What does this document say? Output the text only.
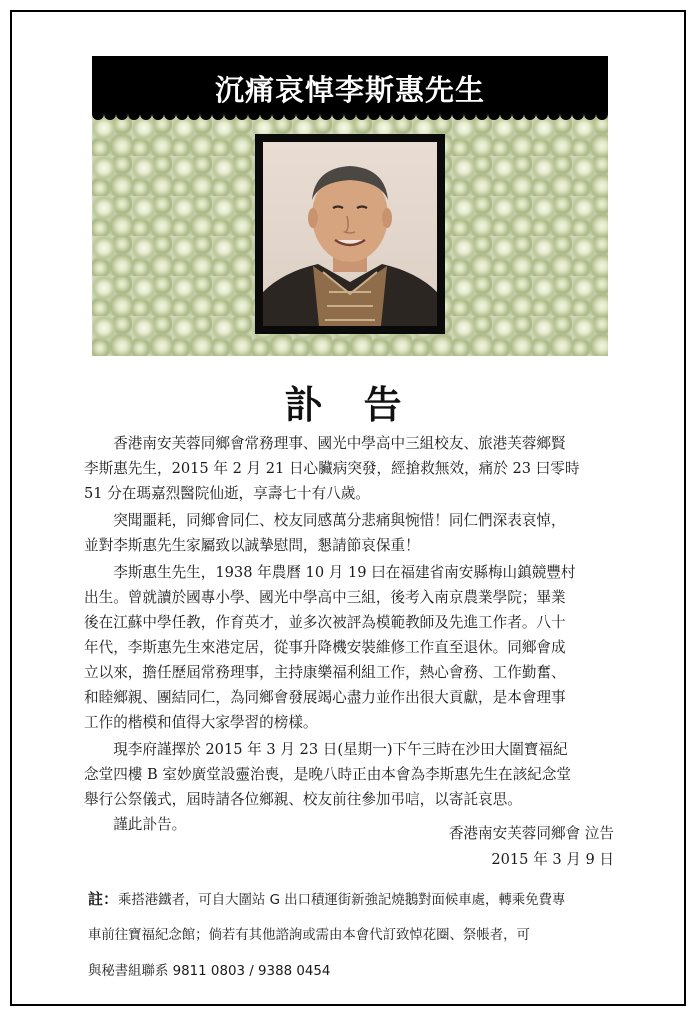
沉痛哀悼李斯惠先生
訃 告
　　香港南安芙蓉同鄉會常務理事、國光中學高中三組校友、旅港芙蓉鄉賢
李斯惠先生，2015 年 2 月 21 日心臟病突發，經搶救無效，痛於 23 曰零時
51 分在瑪嘉烈醫院仙逝，享壽七十有八歲。
　　突聞噩耗，同鄉會同仁、校友同感萬分悲痛與惋惜！同仁們深表哀悼，
並對李斯惠先生家屬致以誠摯慰問，懇請節哀保重！
　　李斯惠生先生，1938 年農曆 10 月 19 曰在福建省南安縣梅山鎮競豐村
出生。曾就讀於國專小學、國光中學高中三組，後考入南京農業學院；畢業
後在江蘇中學任教，作育英才，並多次被評為模範教師及先進工作者。八十
年代，李斯惠先生來港定居，從事升降機安裝維修工作直至退休。同鄉會成
立以來，擔任歷屆常務理事，主持康樂福利組工作，熱心會務、工作勤奮、
和睦鄉親、團結同仁，為同鄉會發展竭心盡力並作出很大貢獻，是本會理事
工作的楷模和值得大家學習的榜樣。
　　現李府謹擇於 2015 年 3 月 23 日(星期一)下午三時在沙田大圍寶福紀
念堂四樓 B 室妙廣堂設靈治喪，是晚八時正由本會為李斯惠先生在該紀念堂
舉行公祭儀式，屆時請各位鄉親、校友前往參加弔唁，以寄託哀思。
　　謹此訃告。
香港南安芙蓉同鄉會 泣告
2015 年 3 月 9 日
註：乘搭港鐵者，可自大圍站 G 出口積運街新強記燒鵝對面候車處，轉乘免費專
車前往寶福紀念館；倘若有其他諮詢或需由本會代訂致悼花圈、祭帳者，可
與秘書組聯系 9811 0803 / 9388 0454
